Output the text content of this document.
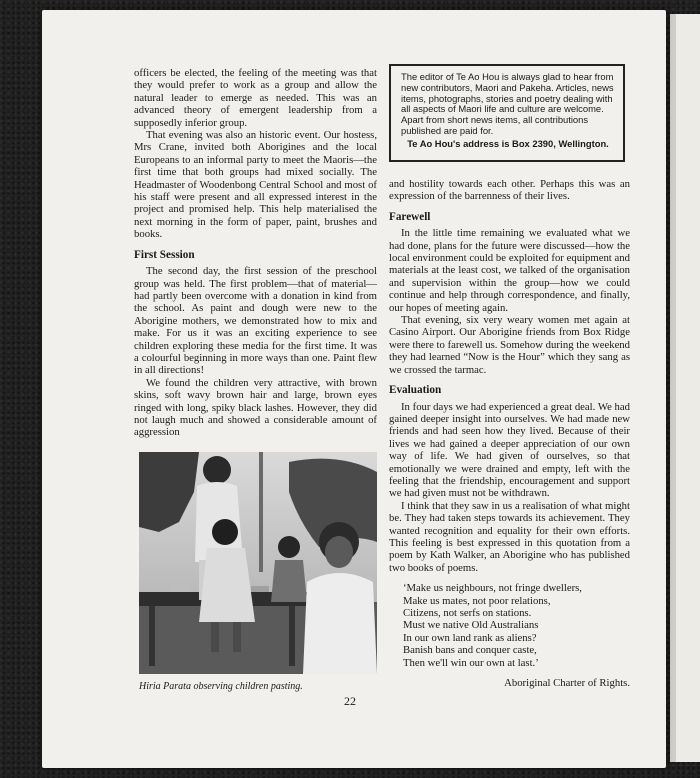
officers be elected, the feeling of the meeting was that they would prefer to work as a group and allow the natural leader to emerge as needed. This was an advanced theory of emergent leadership from a supposedly inferior group.

That evening was also an historic event. Our hostess, Mrs Crane, invited both Aborigines and the local Europeans to an informal party to meet the Maoris—the first time that both groups had mixed socially. The Headmaster of Woodenbong Central School and most of his staff were present and all expressed interest in the project and promised help. This help materialised the next morning in the form of paper, paint, brushes and books.

First Session

The second day, the first session of the preschool group was held. The first problem—that of material—had partly been overcome with a donation in kind from the school. As paint and dough were new to the Aborigine mothers, we demonstrated how to mix and make. For us it was an exciting experience to see children exploring these media for the first time. It was a colourful beginning in more ways than one. Paint flew in all directions!

We found the children very attractive, with brown skins, soft wavy brown hair and large, brown eyes ringed with long, spiky black lashes. However, they did not laugh much and showed a considerable amount of aggression

The editor of Te Ao Hou is always glad to hear from new contributors, Maori and Pakeha. Articles, news items, photographs, stories and poetry dealing with all aspects of Maori life and culture are welcome. Apart from short news items, all contributions published are paid for.

Te Ao Hou's address is Box 2390, Wellington.

and hostility towards each other. Perhaps this was an expression of the barrenness of their lives.

Farewell

In the little time remaining we evaluated what we had done, plans for the future were discussed—how the local environment could be exploited for equipment and materials at the least cost, we talked of the organisation and supervision within the group—how we could continue and help through correspondence, and finally, our hopes of meeting again.

That evening, six very weary women met again at Casino Airport. Our Aborigine friends from Box Ridge were there to farewell us. Somehow during the weekend they had learned “Now is the Hour” which they sang as we crossed the tarmac.

Evaluation

In four days we had experienced a great deal. We had gained deeper insight into ourselves. We had made new friends and had seen how they lived. Because of their lives we had gained a deeper appreciation of our own way of life. We had given of ourselves, so that emotionally we were drained and empty, left with the feeling that the friendship, encouragement and support we had given must not be withdrawn.

I think that they saw in us a realisation of what might be. They had taken steps towards its achievement. They wanted recognition and equality for their own efforts. This feeling is best expressed in this quotation from a poem by Kath Walker, an Aborigine who has published two books of poems.

‘Make us neighbours, not fringe dwellers,
Make us mates, not poor relations,
Citizens, not serfs on stations.
Must we native Old Australians
In our own land rank as aliens?
Banish bans and conquer caste,
Then we'll win our own at last.’
Aboriginal Charter of Rights.
Hiria Parata observing children pasting.
22
